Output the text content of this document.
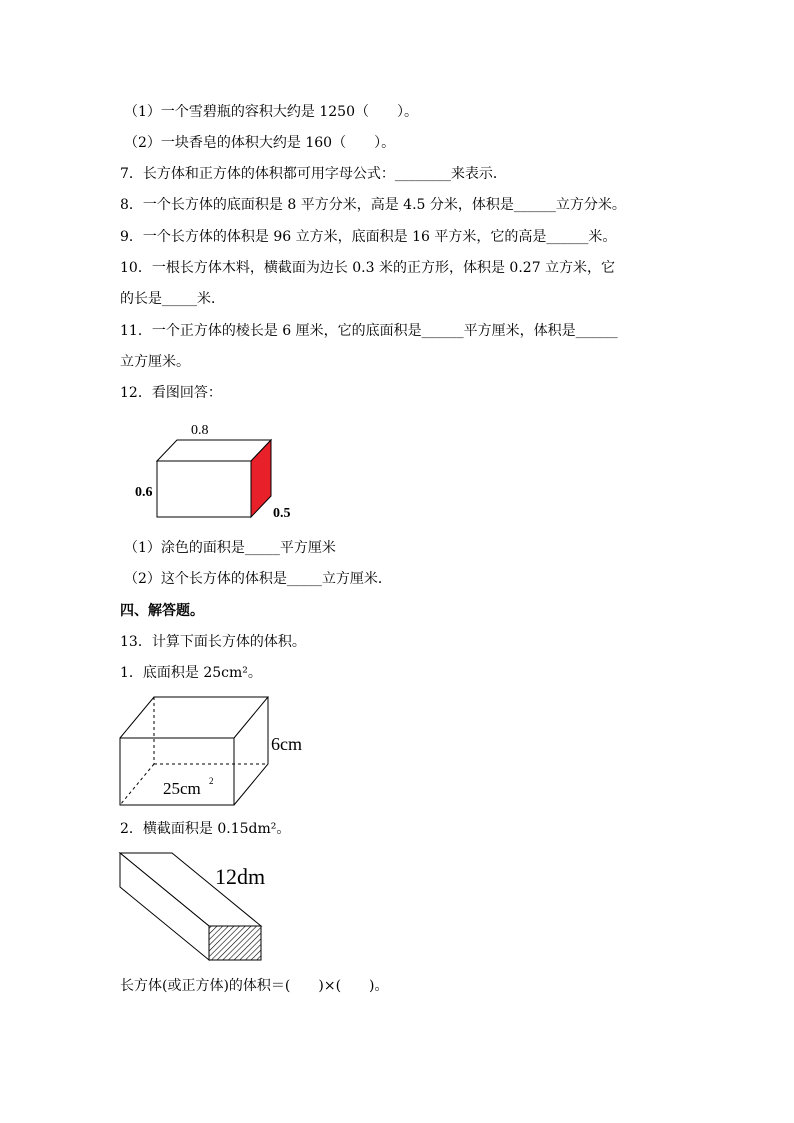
（1）一个雪碧瓶的容积大约是 1250（　　）。
（2）一块香皂的体积大约是 160（　　）。
7．长方体和正方体的体积都可用字母公式：________来表示．
8．一个长方体的底面积是 8 平方分米，高是 4.5 分米，体积是______立方分米。
9．一个长方体的体积是 96 立方米，底面积是 16 平方米，它的高是______米。
10．一根长方体木料，横截面为边长 0.3 米的正方形，体积是 0.27 立方米，它
的长是_____米．
11．一个正方体的棱长是 6 厘米，它的底面积是______平方厘米，体积是______
立方厘米。
12．看图回答：
0.8
0.6
0.5
（1）涂色的面积是_____平方厘米
（2）这个长方体的体积是_____立方厘米．
四、解答题。
13．计算下面长方体的体积。
1．底面积是 25cm²。
6cm
25cm 2
2．横截面积是 0.15dm²。
12dm
长方体(或正方体)的体积＝(　　)×(　　)。
